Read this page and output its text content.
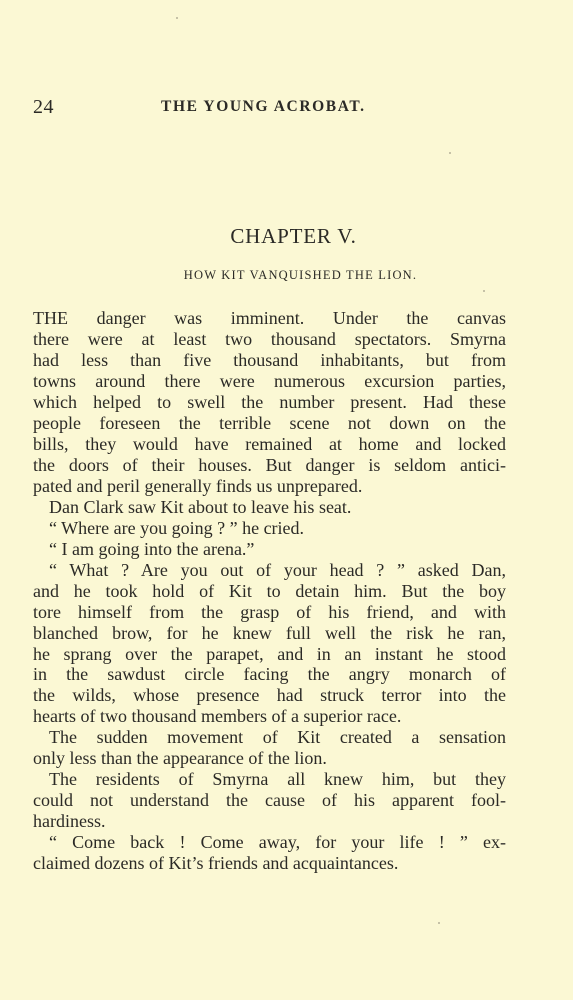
24	THE YOUNG ACROBAT.
CHAPTER V.
HOW KIT VANQUISHED THE LION.
THE danger was imminent. Under the canvas
there were at least two thousand spectators. Smyrna
had less than five thousand inhabitants, but from
towns around there were numerous excursion parties,
which helped to swell the number present. Had these
people foreseen the terrible scene not down on the
bills, they would have remained at home and locked
the doors of their houses. But danger is seldom antici-
pated and peril generally finds us unprepared.
Dan Clark saw Kit about to leave his seat.
“ Where are you going ? ” he cried.
“ I am going into the arena.”
“ What ? Are you out of your head ? ” asked Dan,
and he took hold of Kit to detain him. But the boy
tore himself from the grasp of his friend, and with
blanched brow, for he knew full well the risk he ran,
he sprang over the parapet, and in an instant he stood
in the sawdust circle facing the angry monarch of
the wilds, whose presence had struck terror into the
hearts of two thousand members of a superior race.
The sudden movement of Kit created a sensation
only less than the appearance of the lion.
The residents of Smyrna all knew him, but they
could not understand the cause of his apparent fool-
hardiness.
“ Come back ! Come away, for your life ! ” ex-
claimed dozens of Kit’s friends and acquaintances.
